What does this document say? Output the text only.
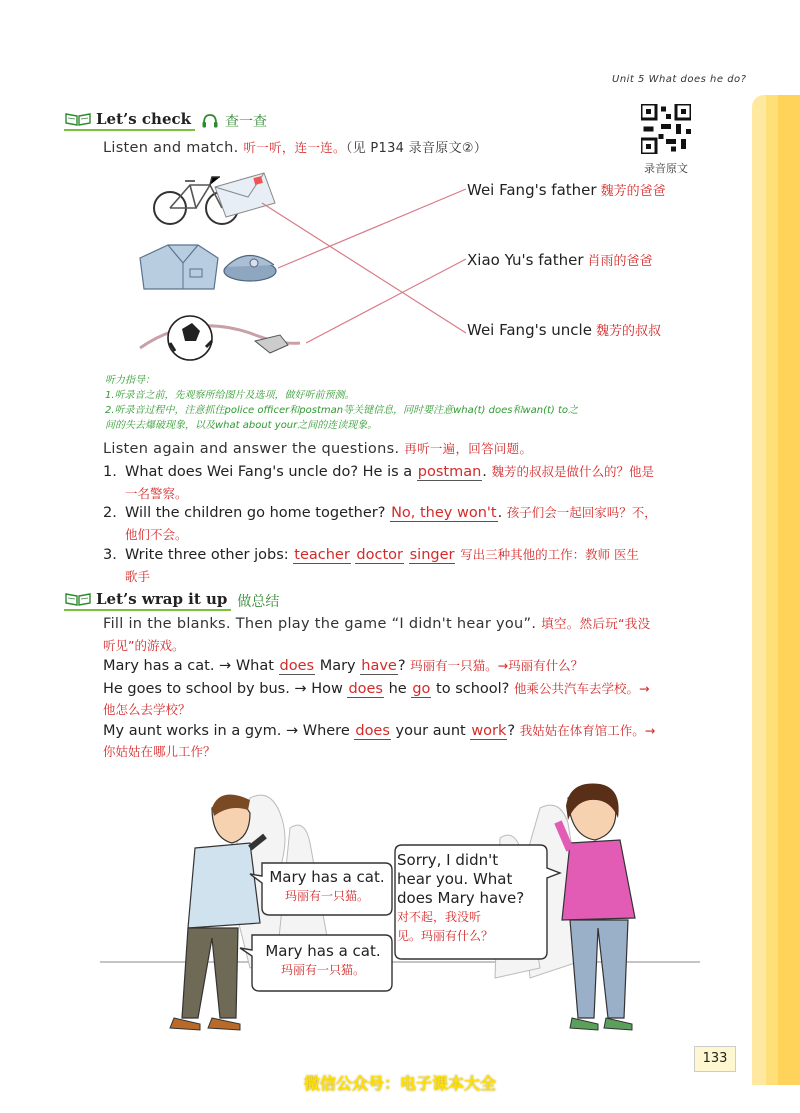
Unit 5 What does he do?
录音原文
Let’s check 查一查
Listen and match. 听一听，连一连。（见 P134 录音原文②）
Wei Fang's father 魏芳的爸爸
Xiao Yu's father 肖雨的爸爸
Wei Fang's uncle 魏芳的叔叔
听力指导：
1.听录音之前，先观察所给图片及选项，做好听前预测。
2.听录音过程中，注意抓住police officer和postman等关键信息，同时要注意wha(t) does和wan(t) to之
间的失去爆破现象，以及what about your之间的连读现象。
Listen again and answer the questions. 再听一遍，回答问题。
1. What does Wei Fang's uncle do? He is a postman. 魏芳的叔叔是做什么的？他是
一名警察。
2. Will the children go home together? No, they won't. 孩子们会一起回家吗？不，
他们不会。
3. Write three other jobs: teacher doctor singer 写出三种其他的工作：教师 医生
歌手
Let’s wrap it up 做总结
Fill in the blanks. Then play the game “I didn't hear you”. 填空。然后玩“我没
听见”的游戏。
Mary has a cat. → What does Mary have? 玛丽有一只猫。→玛丽有什么？
He goes to school by bus. → How does he go to school? 他乘公共汽车去学校。→
他怎么去学校？
My aunt works in a gym. → Where does your aunt work? 我姑姑在体育馆工作。→
你姑姑在哪儿工作？
Mary has a cat.
玛丽有一只猫。
Mary has a cat.
玛丽有一只猫。
Sorry, I didn't
hear you. What
does Mary have?
对不起，我没听
见。玛丽有什么？
133
微信公众号：电子课本大全
